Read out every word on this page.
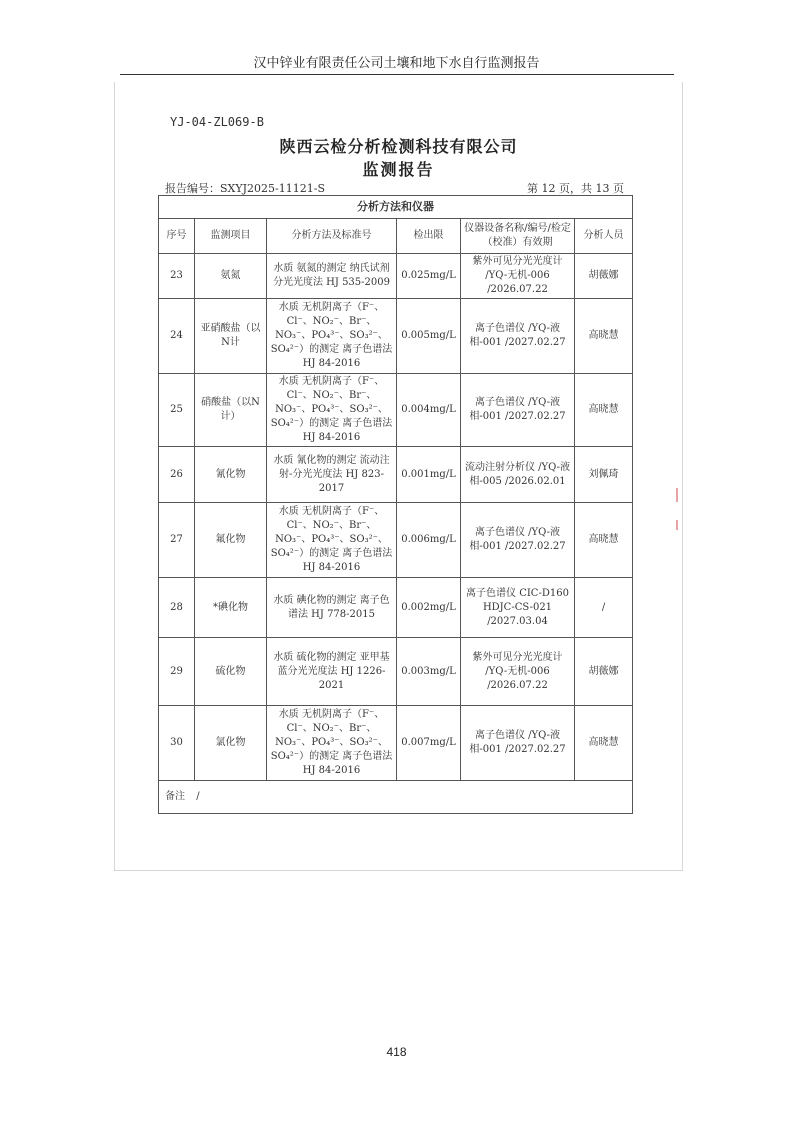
汉中锌业有限责任公司土壤和地下水自行监测报告
YJ-04-ZL069-B
陕西云检分析检测科技有限公司
监测报告
报告编号：SXYJ2025-11121-S	第 12 页，共 13 页
分析方法和仪器					
序号	监测项目	分析方法及标准号	检出限	仪器设备名称/编号/检定（校准）有效期	分析人员
23	氨氮	水质 氨氮的测定 纳氏试剂分光光度法 HJ 535-2009	0.025mg/L	紫外可见分光光度计 /YQ-无机-006 /2026.07.22	胡薇娜
24	亚硝酸盐（以N计	水质 无机阴离子（F⁻、Cl⁻、NO₂⁻、Br⁻、NO₃⁻、PO₄³⁻、SO₃²⁻、SO₄²⁻）的测定 离子色谱法 HJ 84-2016	0.005mg/L	离子色谱仪 /YQ-液相-001 /2027.02.27	高晓慧
25	硝酸盐（以N计）	水质 无机阴离子（F⁻、Cl⁻、NO₂⁻、Br⁻、NO₃⁻、PO₄³⁻、SO₃²⁻、SO₄²⁻）的测定 离子色谱法 HJ 84-2016	0.004mg/L	离子色谱仪 /YQ-液相-001 /2027.02.27	高晓慧
26	氰化物	水质 氰化物的测定 流动注射-分光光度法 HJ 823-2017	0.001mg/L	流动注射分析仪 /YQ-液相-005 /2026.02.01	刘佩琦
27	氟化物	水质 无机阴离子（F⁻、Cl⁻、NO₂⁻、Br⁻、NO₃⁻、PO₄³⁻、SO₃²⁻、SO₄²⁻）的测定 离子色谱法 HJ 84-2016	0.006mg/L	离子色谱仪 /YQ-液相-001 /2027.02.27	高晓慧
28	*碘化物	水质 碘化物的测定 离子色谱法 HJ 778-2015	0.002mg/L	离子色谱仪 CIC-D160 HDJC-CS-021 /2027.03.04	/
29	硫化物	水质 硫化物的测定 亚甲基蓝分光光度法 HJ 1226-2021	0.003mg/L	紫外可见分光光度计 /YQ-无机-006 /2026.07.22	胡薇娜
30	氯化物	水质 无机阴离子（F⁻、Cl⁻、NO₂⁻、Br⁻、NO₃⁻、PO₄³⁻、SO₃²⁻、SO₄²⁻）的测定 离子色谱法 HJ 84-2016	0.007mg/L	离子色谱仪 /YQ-液相-001 /2027.02.27	高晓慧
备注 /					
418
